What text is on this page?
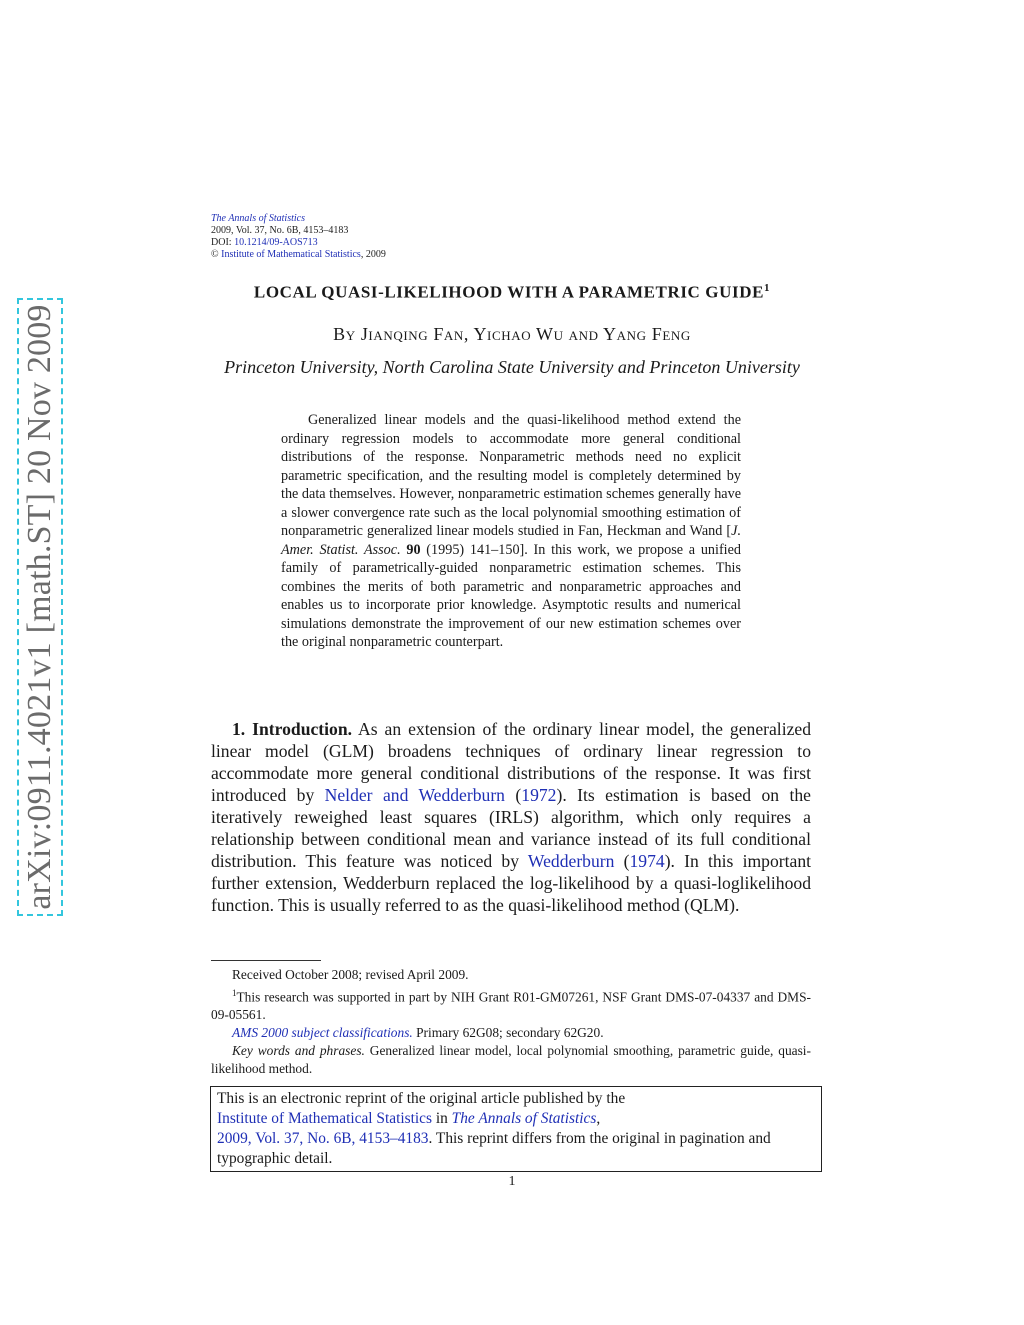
arXiv:0911.4021v1 [math.ST] 20 Nov 2009
The Annals of Statistics
2009, Vol. 37, No. 6B, 4153–4183
DOI: 10.1214/09-AOS713
© Institute of Mathematical Statistics, 2009
LOCAL QUASI-LIKELIHOOD WITH A PARAMETRIC GUIDE$^1$
By Jianqing Fan, Yichao Wu and Yang Feng
Princeton University, North Carolina State University and Princeton University
Generalized linear models and the quasi-likelihood method extend the ordinary regression models to accommodate more general conditional distributions of the response. Nonparametric methods need no explicit parametric specification, and the resulting model is completely determined by the data themselves. However, nonparametric estimation schemes generally have a slower convergence rate such as the local polynomial smoothing estimation of nonparametric generalized linear models studied in Fan, Heckman and Wand [J. Amer. Statist. Assoc. 90 (1995) 141–150]. In this work, we propose a unified family of parametrically-guided nonparametric estimation schemes. This combines the merits of both parametric and nonparametric approaches and enables us to incorporate prior knowledge. Asymptotic results and numerical simulations demonstrate the improvement of our new estimation schemes over the original nonparametric counterpart.
1. Introduction. As an extension of the ordinary linear model, the generalized linear model (GLM) broadens techniques of ordinary linear regression to accommodate more general conditional distributions of the response. It was first introduced by Nelder and Wedderburn (1972). Its estimation is based on the iteratively reweighed least squares (IRLS) algorithm, which only requires a relationship between conditional mean and variance instead of its full conditional distribution. This feature was noticed by Wedderburn (1974). In this important further extension, Wedderburn replaced the log-likelihood by a quasi-loglikelihood function. This is usually referred to as the quasi-likelihood method (QLM).

Received October 2008; revised April 2009.

$^1$This research was supported in part by NIH Grant R01-GM07261, NSF Grant DMS-07-04337 and DMS-09-05561.

AMS 2000 subject classifications. Primary 62G08; secondary 62G20.

Key words and phrases. Generalized linear model, local polynomial smoothing, parametric guide, quasi-likelihood method.

This is an electronic reprint of the original article published by the
Institute of Mathematical Statistics in The Annals of Statistics,
2009, Vol. 37, No. 6B, 4153–4183. This reprint differs from the original in pagination and typographic detail.
1
